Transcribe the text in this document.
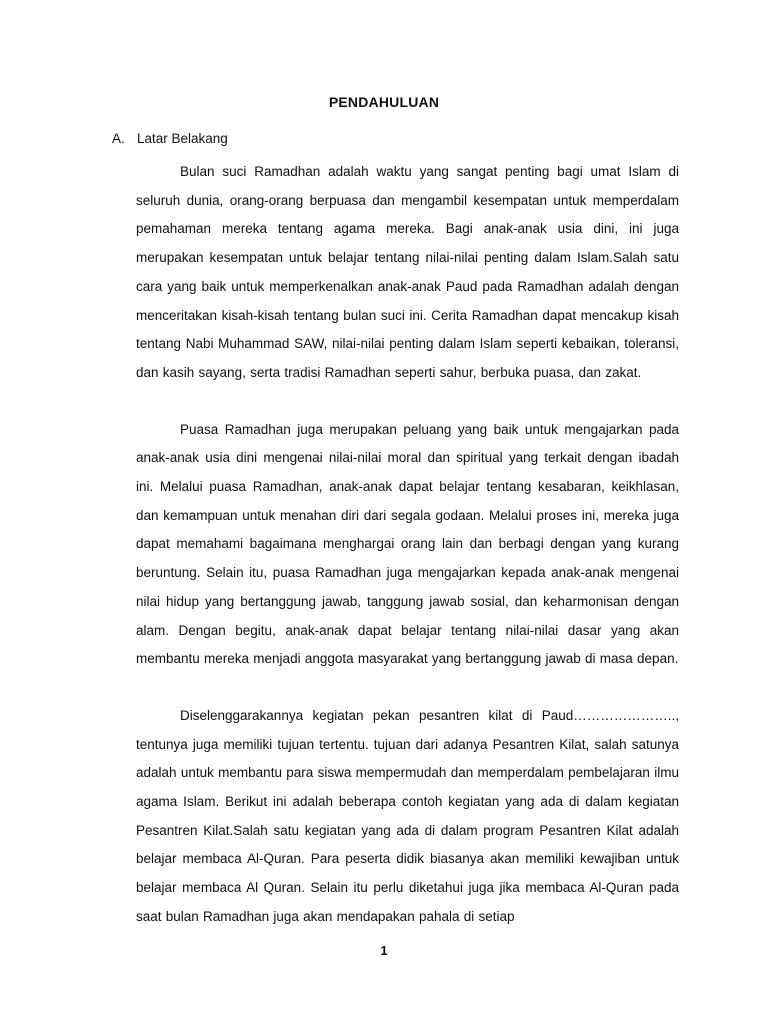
PENDAHULUAN
A. Latar Belakang

Bulan suci Ramadhan adalah waktu yang sangat penting bagi umat Islam di seluruh dunia, orang-orang berpuasa dan mengambil kesempatan untuk memperdalam pemahaman mereka tentang agama mereka. Bagi anak-anak usia dini, ini juga merupakan kesempatan untuk belajar tentang nilai-nilai penting dalam Islam.Salah satu cara yang baik untuk memperkenalkan anak-anak Paud pada Ramadhan adalah dengan menceritakan kisah-kisah tentang bulan suci ini. Cerita Ramadhan dapat mencakup kisah tentang Nabi Muhammad SAW, nilai-nilai penting dalam Islam seperti kebaikan, toleransi, dan kasih sayang, serta tradisi Ramadhan seperti sahur, berbuka puasa, dan zakat.

Puasa Ramadhan juga merupakan peluang yang baik untuk mengajarkan pada anak-anak usia dini mengenai nilai-nilai moral dan spiritual yang terkait dengan ibadah ini. Melalui puasa Ramadhan, anak-anak dapat belajar tentang kesabaran, keikhlasan, dan kemampuan untuk menahan diri dari segala godaan. Melalui proses ini, mereka juga dapat memahami bagaimana menghargai orang lain dan berbagi dengan yang kurang beruntung. Selain itu, puasa Ramadhan juga mengajarkan kepada anak-anak mengenai nilai hidup yang bertanggung jawab, tanggung jawab sosial, dan keharmonisan dengan alam. Dengan begitu, anak-anak dapat belajar tentang nilai-nilai dasar yang akan membantu mereka menjadi anggota masyarakat yang bertanggung jawab di masa depan.

Diselenggarakannya kegiatan pekan pesantren kilat di Paud………………….., tentunya juga memiliki tujuan tertentu. tujuan dari adanya Pesantren Kilat, salah satunya adalah untuk membantu para siswa mempermudah dan memperdalam pembelajaran ilmu agama Islam. Berikut ini adalah beberapa contoh kegiatan yang ada di dalam kegiatan Pesantren Kilat.Salah satu kegiatan yang ada di dalam program Pesantren Kilat adalah belajar membaca Al-Quran. Para peserta didik biasanya akan memiliki kewajiban untuk belajar membaca Al Quran. Selain itu perlu diketahui juga jika membaca Al-Quran pada saat bulan Ramadhan juga akan mendapakan pahala di setiap

1
